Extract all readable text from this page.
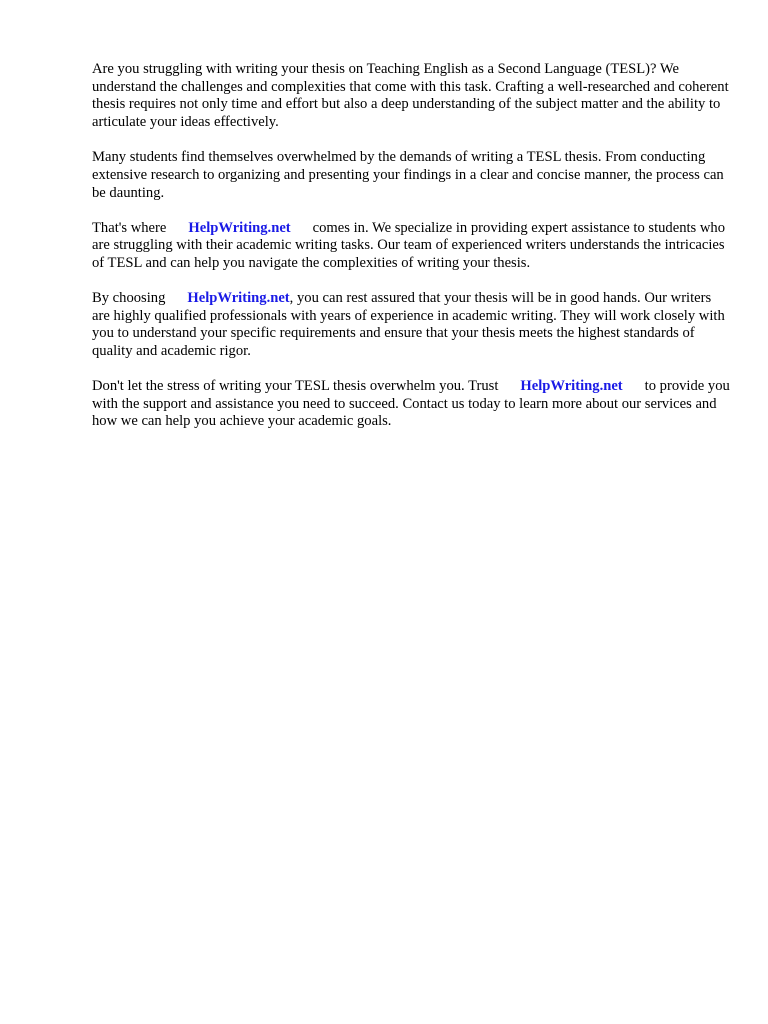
Are you struggling with writing your thesis on Teaching English as a Second Language (TESL)? We understand the challenges and complexities that come with this task. Crafting a well-researched and coherent thesis requires not only time and effort but also a deep understanding of the subject matter and the ability to articulate your ideas effectively.

Many students find themselves overwhelmed by the demands of writing a TESL thesis. From conducting extensive research to organizing and presenting your findings in a clear and concise manner, the process can be daunting.

That's where HelpWriting.net comes in. We specialize in providing expert assistance to students who are struggling with their academic writing tasks. Our team of experienced writers understands the intricacies of TESL and can help you navigate the complexities of writing your thesis.

By choosing HelpWriting.net, you can rest assured that your thesis will be in good hands. Our writers are highly qualified professionals with years of experience in academic writing. They will work closely with you to understand your specific requirements and ensure that your thesis meets the highest standards of quality and academic rigor.

Don't let the stress of writing your TESL thesis overwhelm you. Trust HelpWriting.net to provide you with the support and assistance you need to succeed. Contact us today to learn more about our services and how we can help you achieve your academic goals.
